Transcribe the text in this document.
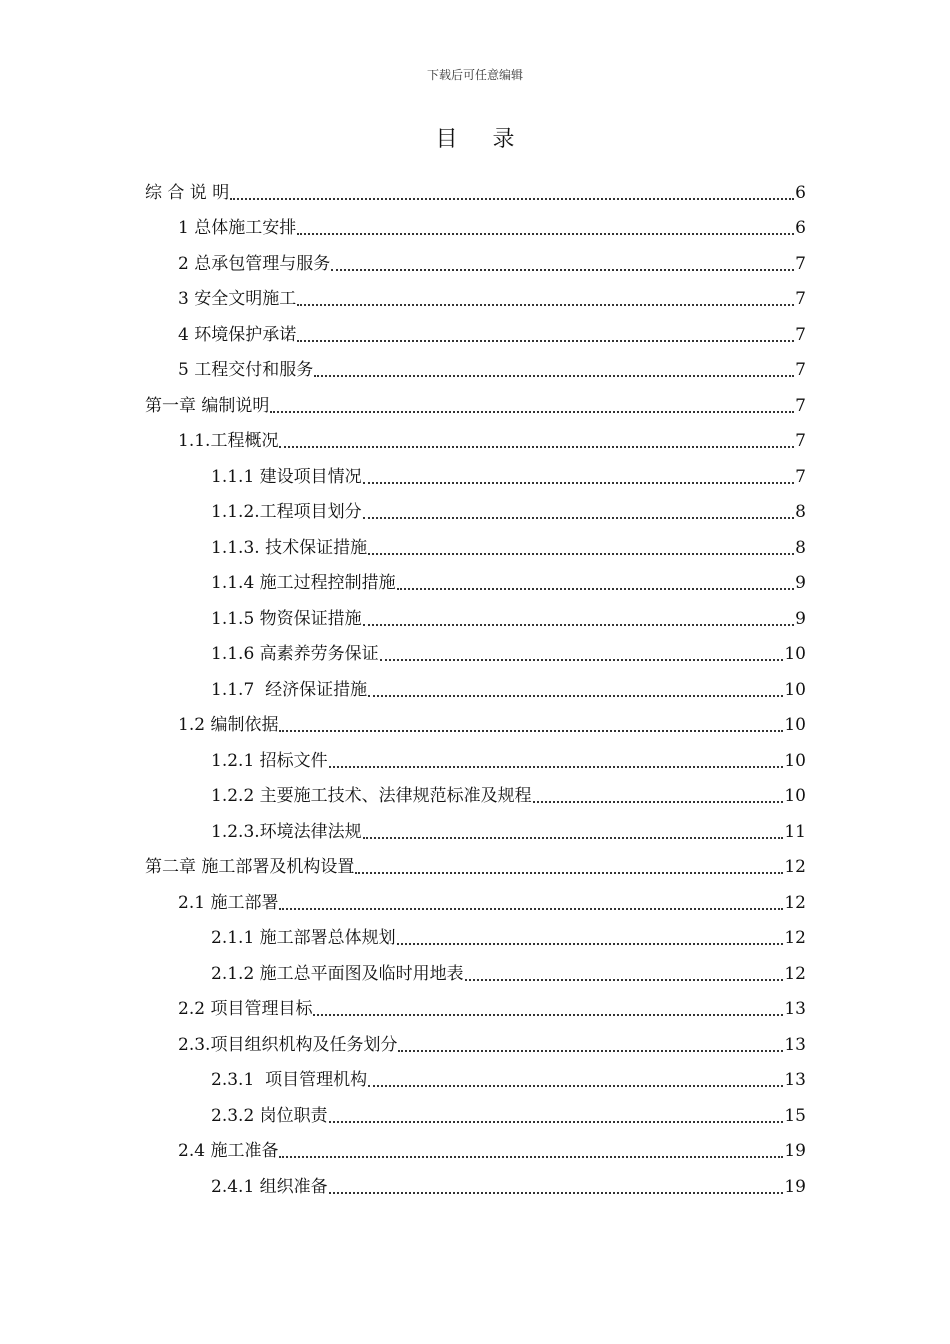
下载后可任意编辑
目 录
综 合 说 明	6
1 总体施工安排	6
2 总承包管理与服务	7
3 安全文明施工	7
4 环境保护承诺	7
5 工程交付和服务	7
第一章 编制说明	7
1.1.工程概况	7
1.1.1 建设项目情况	7
1.1.2.工程项目划分	8
1.1.3. 技术保证措施	8
1.1.4 施工过程控制措施	9
1.1.5 物资保证措施	9
1.1.6 高素养劳务保证	10
1.1.7  经济保证措施	10
1.2 编制依据	10
1.2.1 招标文件	10
1.2.2 主要施工技术、法律规范标准及规程	10
1.2.3.环境法律法规	11
第二章 施工部署及机构设置	12
2.1 施工部署	12
2.1.1 施工部署总体规划	12
2.1.2 施工总平面图及临时用地表	12
2.2 项目管理目标	13
2.3.项目组织机构及任务划分	13
2.3.1  项目管理机构	13
2.3.2 岗位职责	15
2.4 施工准备	19
2.4.1 组织准备	19
